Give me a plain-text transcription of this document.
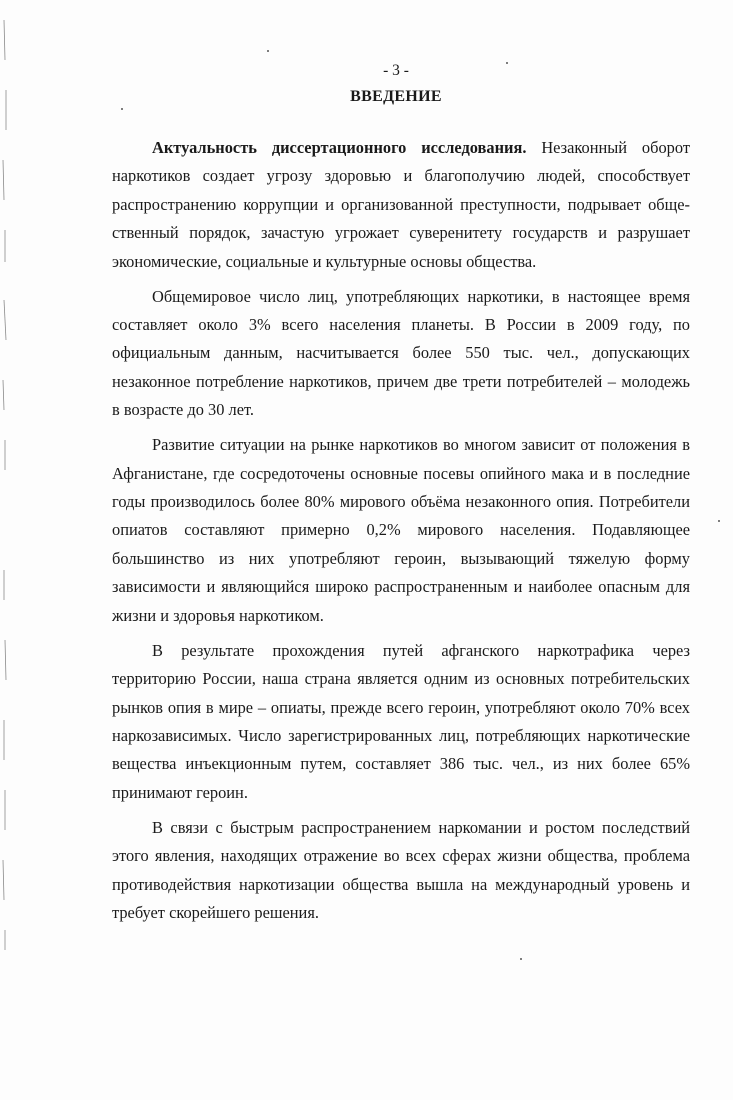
- 3 -
ВВЕДЕНИЕ

Актуальность диссертационного исследования. Незаконный оборот наркотиков создает угрозу здоровью и благополучию людей, способствует распространению коррупции и организованной преступности, подрывает обще-ственный порядок, зачастую угрожает суверенитету государств и разрушает экономические, социальные и культурные основы общества.

Общемировое число лиц, употребляющих наркотики, в настоящее время составляет около 3% всего населения планеты. В России в 2009 году, по официальным данным, насчитывается более 550 тыс. чел., допускающих незаконное потребление наркотиков, причем две трети потребителей – молодежь в возрасте до 30 лет.

Развитие ситуации на рынке наркотиков во многом зависит от положения в Афганистане, где сосредоточены основные посевы опийного мака и в последние годы производилось более 80% мирового объёма незаконного опия. Потребители опиатов составляют примерно 0,2% мирового населения. Подавляющее большинство из них употребляют героин, вызывающий тяжелую форму зависимости и являющийся широко распространенным и наиболее опасным для жизни и здоровья наркотиком.

В результате прохождения путей афганского наркотрафика через территорию России, наша страна является одним из основных потребительских рынков опия в мире – опиаты, прежде всего героин, употребляют около 70% всех наркозависимых. Число зарегистрированных лиц, потребляющих наркотические вещества инъекционным путем, составляет 386 тыс. чел., из них более 65% принимают героин.

В связи с быстрым распространением наркомании и ростом последствий этого явления, находящих отражение во всех сферах жизни общества, проблема противодействия наркотизации общества вышла на международный уровень и требует скорейшего решения.
